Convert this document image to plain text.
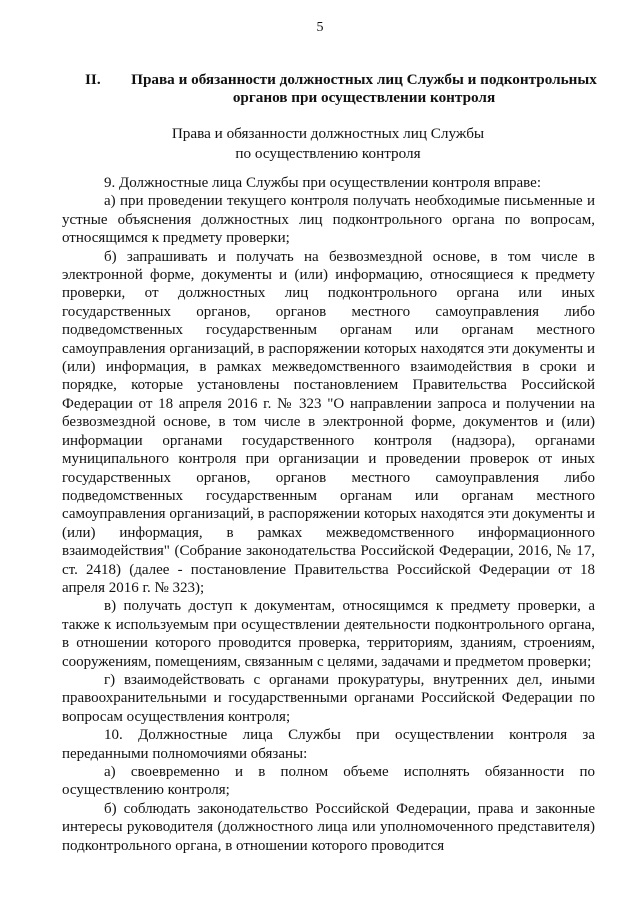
5
II.	Права и обязанности должностных лиц Службы и подконтрольных органов при осуществлении контроля
Права и обязанности должностных лиц Службы
по осуществлению контроля

9. Должностные лица Службы при осуществлении контроля вправе:

а) при проведении текущего контроля получать необходимые письменные и устные объяснения должностных лиц подконтрольного органа по вопросам, относящимся к предмету проверки;

б) запрашивать и получать на безвозмездной основе, в том числе в электронной форме, документы и (или) информацию, относящиеся к предмету проверки, от должностных лиц подконтрольного органа или иных государственных органов, органов местного самоуправления либо подведомственных государственным органам или органам местного самоуправления организаций, в распоряжении которых находятся эти документы и (или) информация, в рамках межведомственного взаимодействия в сроки и порядке, которые установлены постановлением Правительства Российской Федерации от 18 апреля 2016 г. № 323 "О направлении запроса и получении на безвозмездной основе, в том числе в электронной форме, документов и (или) информации органами государственного контроля (надзора), органами муниципального контроля при организации и проведении проверок от иных государственных органов, органов местного самоуправления либо подведомственных государственным органам или органам местного самоуправления организаций, в распоряжении которых находятся эти документы и (или) информация, в рамках межведомственного информационного взаимодействия" (Собрание законодательства Российской Федерации, 2016, № 17, ст. 2418) (далее - постановление Правительства Российской Федерации от 18 апреля 2016 г. № 323);

в) получать доступ к документам, относящимся к предмету проверки, а также к используемым при осуществлении деятельности подконтрольного органа, в отношении которого проводится проверка, территориям, зданиям, строениям, сооружениям, помещениям, связанным с целями, задачами и предметом проверки;

г) взаимодействовать с органами прокуратуры, внутренних дел, иными правоохранительными и государственными органами Российской Федерации по вопросам осуществления контроля;

10. Должностные лица Службы при осуществлении контроля за переданными полномочиями обязаны:

а) своевременно и в полном объеме исполнять обязанности по осуществлению контроля;

б) соблюдать законодательство Российской Федерации, права и законные интересы руководителя (должностного лица или уполномоченного представителя) подконтрольного органа, в отношении которого проводится
